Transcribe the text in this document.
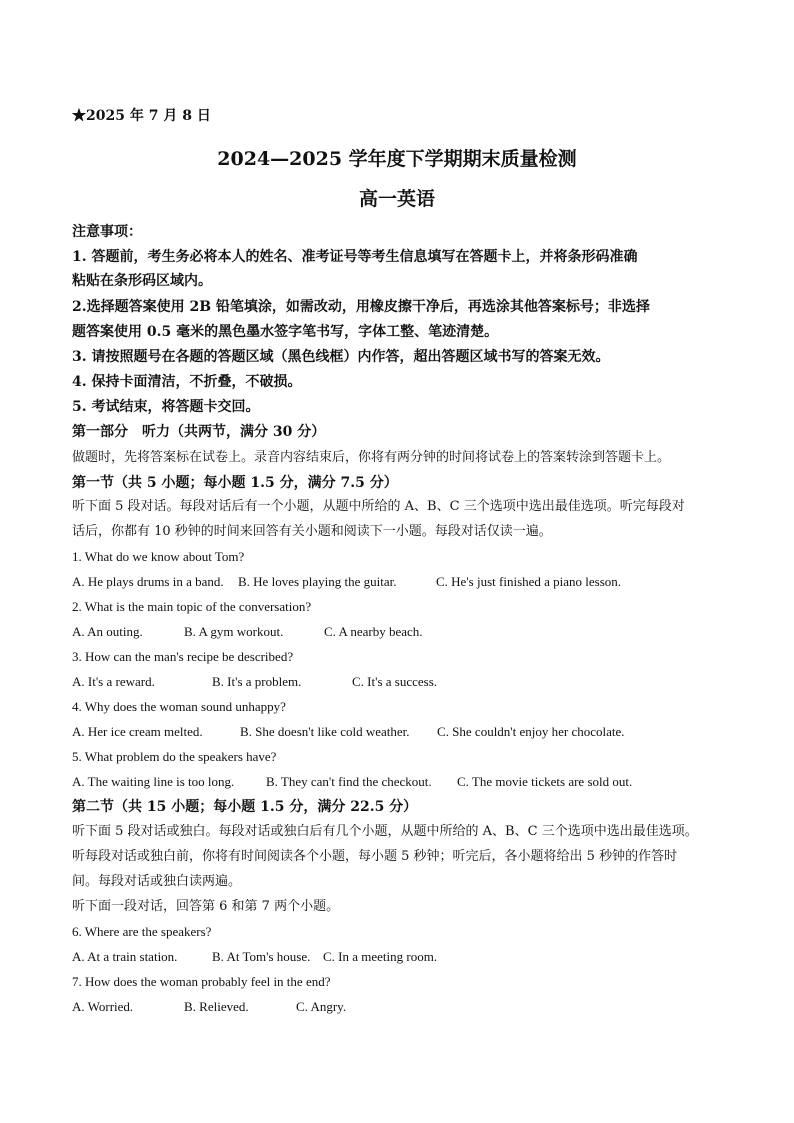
★2025 年 7 月 8 日
2024—2025 学年度下学期期末质量检测
高一英语
注意事项：
1. 答题前，考生务必将本人的姓名、准考证号等考生信息填写在答题卡上，并将条形码准确
粘贴在条形码区域内。
2.选择题答案使用 2B 铅笔填涂，如需改动，用橡皮擦干净后，再选涂其他答案标号；非选择
题答案使用 0.5 毫米的黑色墨水签字笔书写，字体工整、笔迹清楚。
3. 请按照题号在各题的答题区域（黑色线框）内作答，超出答题区域书写的答案无效。
4. 保持卡面清洁，不折叠，不破损。
5. 考试结束，将答题卡交回。
第一部分　听力（共两节，满分 30 分）
做题时，先将答案标在试卷上。录音内容结束后，你将有两分钟的时间将试卷上的答案转涂到答题卡上。
第一节（共 5 小题；每小题 1.5 分，满分 7.5 分）
听下面 5 段对话。每段对话后有一个小题，从题中所给的 A、B、C 三个选项中选出最佳选项。听完每段对
话后，你都有 10 秒钟的时间来回答有关小题和阅读下一小题。每段对话仅读一遍。
1. What do we know about Tom?
A. He plays drums in a band. B. He loves playing the guitar.	C. He's just finished a piano lesson.
2. What is the main topic of the conversation?
A. An outing.	B. A gym workout.	C. A nearby beach.
3. How can the man's recipe be described?
A. It's a reward.	B. It's a problem.	C. It's a success.
4. Why does the woman sound unhappy?
A. Her ice cream melted.	B. She doesn't like cold weather. C. She couldn't enjoy her chocolate.
5. What problem do the speakers have?
A. The waiting line is too long. B. They can't find the checkout. C. The movie tickets are sold out.
第二节（共 15 小题；每小题 1.5 分，满分 22.5 分）
听下面 5 段对话或独白。每段对话或独白后有几个小题，从题中所给的 A、B、C 三个选项中选出最佳选项。
听每段对话或独白前，你将有时间阅读各个小题，每小题 5 秒钟；听完后，各小题将给出 5 秒钟的作答时
间。每段对话或独白读两遍。
听下面一段对话，回答第 6 和第 7 两个小题。
6. Where are the speakers?
A. At a train station.	B. At Tom's house. C. In a meeting room.
7. How does the woman probably feel in the end?
A. Worried.	B. Relieved.	C. Angry.
